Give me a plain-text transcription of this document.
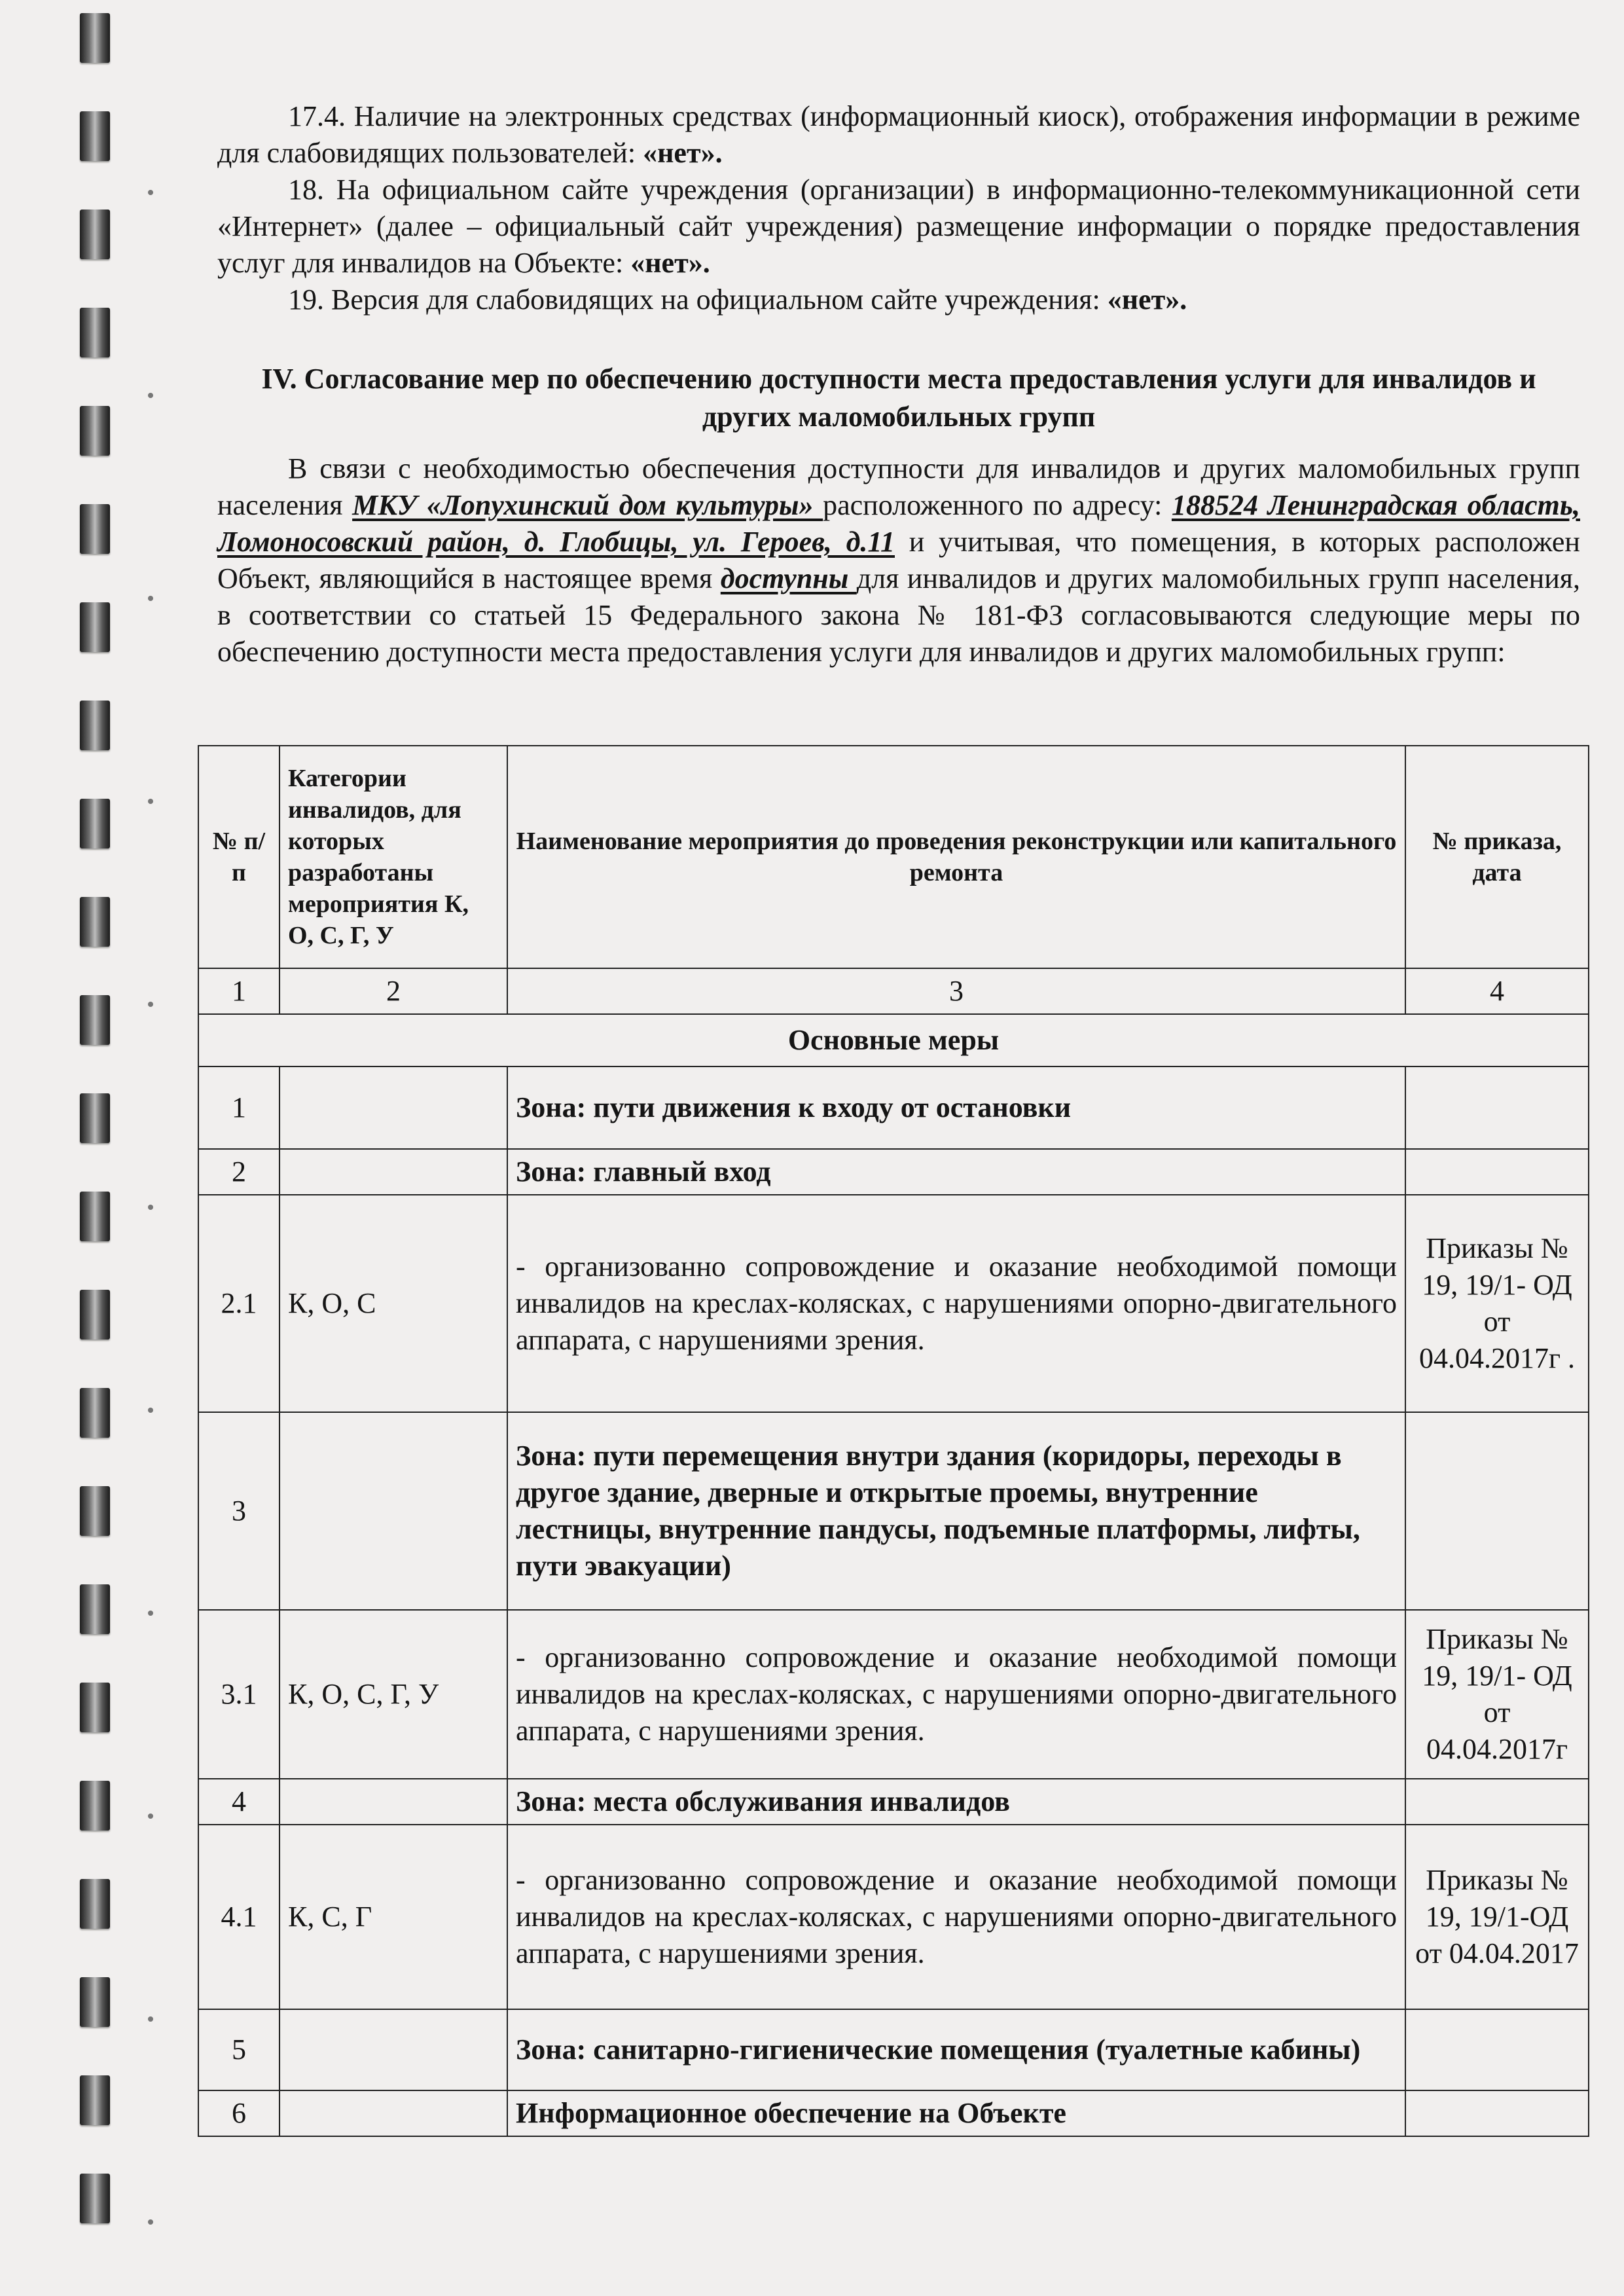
17.4. Наличие на электронных средствах (информационный киоск), отображения информации в режиме для слабовидящих пользователей: «нет».

18. На официальном сайте учреждения (организации) в информационно-телекоммуникационной сети «Интернет» (далее – официальный сайт учреждения) размещение информации о порядке предоставления услуг для инвалидов на Объекте: «нет».

19. Версия для слабовидящих на официальном сайте учреждения: «нет».

IV. Согласование мер по обеспечению доступности места предоставления услуги для инвалидов и других маломобильных групп

В связи с необходимостью обеспечения доступности для инвалидов и других маломобильных групп населения МКУ «Лопухинский дом культуры» расположенного по адресу: 188524 Ленинградская область, Ломоносовский район, д. Глобицы, ул. Героев, д.11 и учитывая, что помещения, в которых расположен Объект, являющийся в настоящее время доступны для инвалидов и других маломобильных групп населения, в соответствии со статьей 15 Федерального закона № 181-ФЗ согласовываются следующие меры по обеспечению доступности места предоставления услуги для инвалидов и других маломобильных групп:

№ п/п	Категории инвалидов, для которых разработаны мероприятия К, О, С, Г, У	Наименование мероприятия до проведения реконструкции или капитального ремонта	№ приказа, дата
1	2	3	4
Основные меры			
1		Зона: пути движения к входу от остановки	
2		Зона: главный вход	
2.1	К, О, С	- организованно сопровождение и оказание необходимой помощи инвалидов на креслах-колясках, с нарушениями опорно-двигательного аппарата, с нарушениями зрения.	Приказы № 19, 19/1- ОД от 04.04.2017г .
3		Зона: пути перемещения внутри здания (коридоры, переходы в другое здание, дверные и открытые проемы, внутренние лестницы, внутренние пандусы, подъемные платформы, лифты, пути эвакуации)	
3.1	К, О, С, Г, У	- организованно сопровождение и оказание необходимой помощи инвалидов на креслах-колясках, с нарушениями опорно-двигательного аппарата, с нарушениями зрения.	Приказы № 19, 19/1- ОД от 04.04.2017г
4		Зона: места обслуживания инвалидов	
4.1	К, С, Г	- организованно сопровождение и оказание необходимой помощи инвалидов на креслах-колясках, с нарушениями опорно-двигательного аппарата, с нарушениями зрения.	Приказы № 19, 19/1-ОД от 04.04.2017
5		Зона: санитарно-гигиенические помещения (туалетные кабины)	
6		Информационное обеспечение на Объекте	
